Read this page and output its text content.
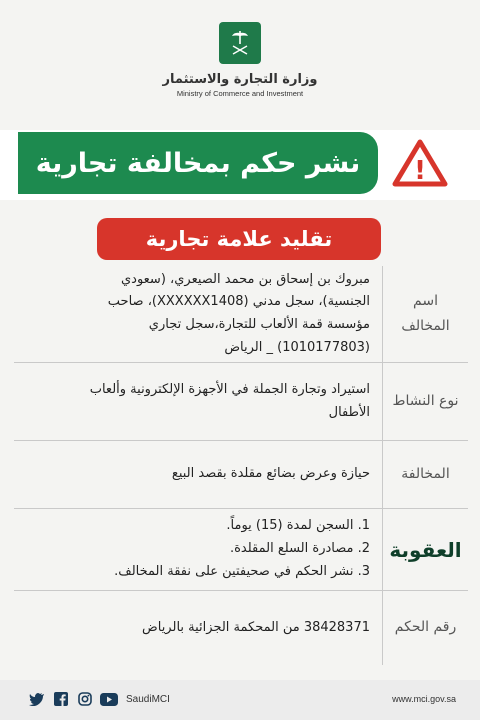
وزارة التجارة والاستثمار
Ministry of Commerce and Investment
نشر حكم بمخالفة تجارية !
تقليد علامة تجارية
اسم
المخالف
مبروك بن إسحاق بن محمد الصيعري، (سعودي
الجنسية)، سجل مدني (XXXXXX1408)، صاحب
مؤسسة قمة الألعاب للتجارة،سجل تجاري
(1010177803) _ الرياض
نوع النشاط
استيراد وتجارة الجملة في الأجهزة الإلكترونية وألعاب
الأطفال
المخالفة
حيازة وعرض بضائع مقلدة بقصد البيع
العقوبة
1. السجن لمدة (15) يوماً.
2. مصادرة السلع المقلدة.
3. نشر الحكم في صحيفتين على نفقة المخالف.
رقم الحكم
38428371 من المحكمة الجزائية بالرياض
SaudiMCI	www.mci.gov.sa
